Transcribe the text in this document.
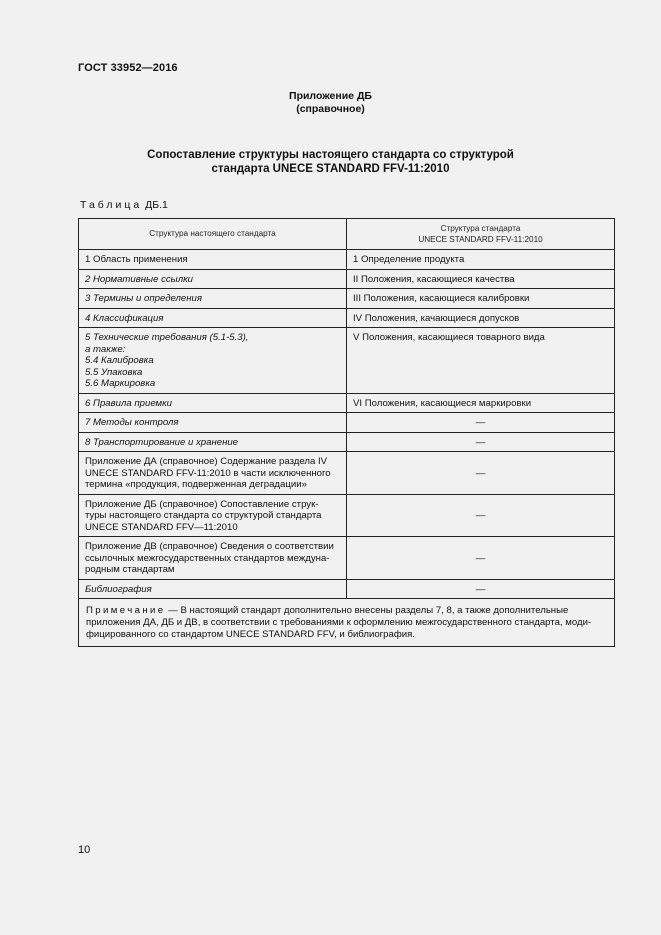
ГОСТ 33952—2016
Приложение ДБ
(справочное)
Сопоставление структуры настоящего стандарта со структурой
стандарта UNECE STANDARD FFV-11:2010
Таблица ДБ.1
Структура настоящего стандарта	Структура стандарта
UNECE STANDARD FFV-11:2010

1 Область применения	1 Определение продукта
2 Нормативные ссылки	II Положения, касающиеся качества
3 Термины и определения	III Положения, касающиеся калибровки
4 Классификация	IV Положения, качающиеся допусков

5 Технические требования (5.1-5.3),
а также:
5.4 Калибровка
5.5 Упаковка
5.6 Маркировка	V Положения, касающиеся товарного вида
6 Правила приемки	VI Положения, касающиеся маркировки
7 Методы контроля	—
8 Транспортирование и хранение	—

Приложение ДА (справочное) Содержание раздела IV
UNECE STANDARD FFV-11:2010 в части исключенного
термина «продукция, подверженная деградации»	—

Приложение ДБ (справочное) Сопоставление струк-
туры настоящего стандарта со структурой стандарта
UNECE STANDARD FFV—11:2010	—

Приложение ДВ (справочное) Сведения о соответствии
ссылочных межгосударственных стандартов междуна-
родным стандартам	—
Библиография	—

Примечание — В настоящий стандарт дополнительно внесены разделы 7, 8, а также дополнительные
приложения ДА, ДБ и ДВ, в соответствии с требованиями к оформлению межгосударственного стандарта, моди-
фицированного со стандартом UNECE STANDARD FFV, и библиография.	
10
